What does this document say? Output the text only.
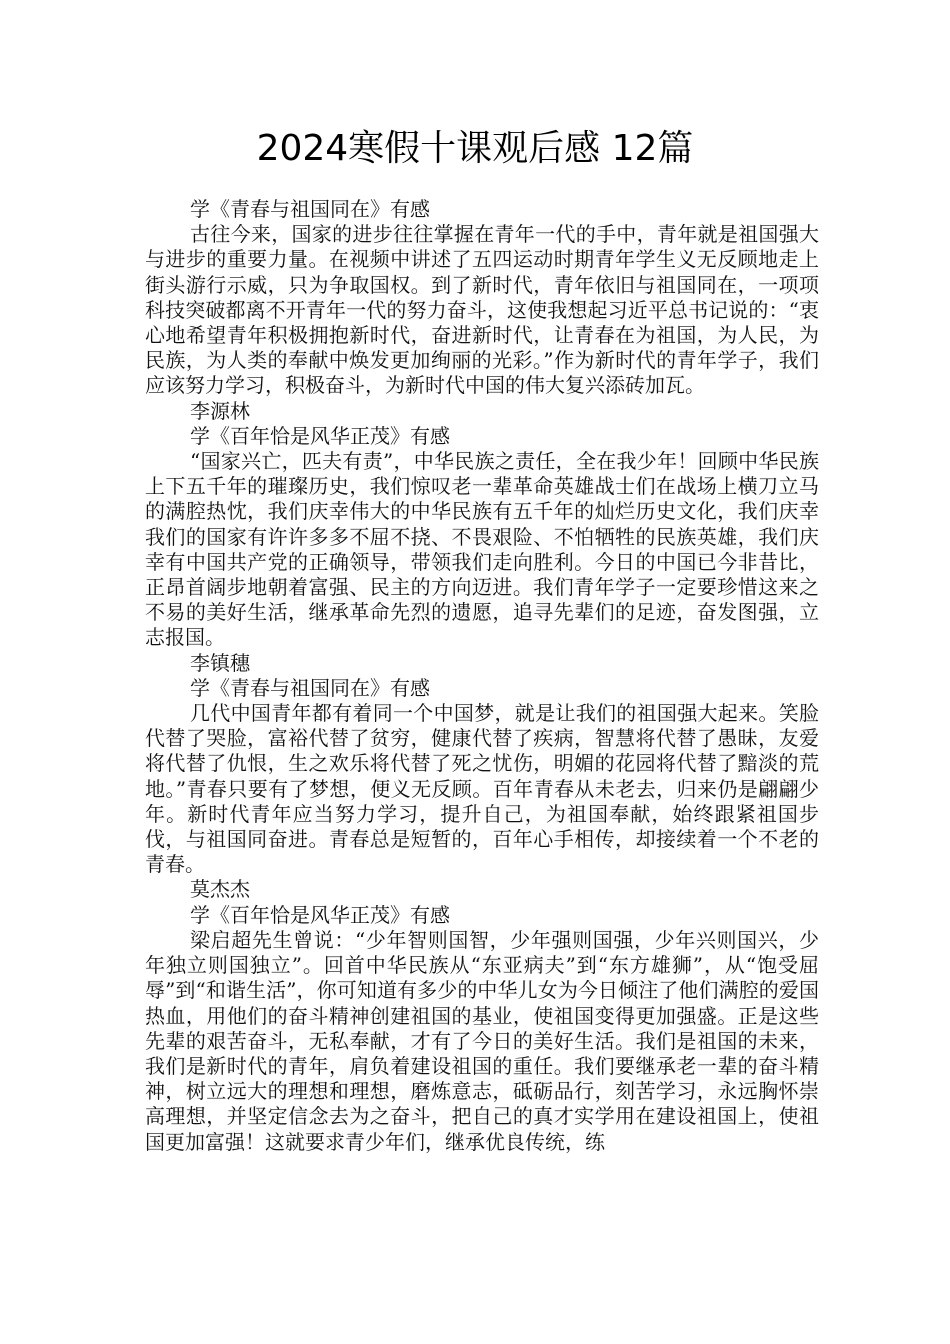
2024寒假十课观后感 12篇

学《青春与祖国同在》有感

古往今来，国家的进步往往掌握在青年一代的手中，青年就是祖国强大与进步的重要力量。在视频中讲述了五四运动时期青年学生义无反顾地走上街头游行示威，只为争取国权。到了新时代，青年依旧与祖国同在，一项项科技突破都离不开青年一代的努力奋斗，这使我想起习近平总书记说的：“衷心地希望青年积极拥抱新时代，奋进新时代，让青春在为祖国，为人民，为民族，为人类的奉献中焕发更加绚丽的光彩。”作为新时代的青年学子，我们应该努力学习，积极奋斗，为新时代中国的伟大复兴添砖加瓦。

李源林

学《百年恰是风华正茂》有感

“国家兴亡，匹夫有责”，中华民族之责任，全在我少年！回顾中华民族上下五千年的璀璨历史，我们惊叹老一辈革命英雄战士们在战场上横刀立马的满腔热忱，我们庆幸伟大的中华民族有五千年的灿烂历史文化，我们庆幸我们的国家有许许多多不屈不挠、不畏艰险、不怕牺牲的民族英雄，我们庆幸有中国共产党的正确领导，带领我们走向胜利。今日的中国已今非昔比，正昂首阔步地朝着富强、民主的方向迈进。我们青年学子一定要珍惜这来之不易的美好生活，继承革命先烈的遗愿，追寻先辈们的足迹，奋发图强，立志报国。

李镇穗

学《青春与祖国同在》有感

几代中国青年都有着同一个中国梦，就是让我们的祖国强大起来。笑脸代替了哭脸，富裕代替了贫穷，健康代替了疾病，智慧将代替了愚昧，友爱将代替了仇恨，生之欢乐将代替了死之忧伤，明媚的花园将代替了黯淡的荒地。”青春只要有了梦想，便义无反顾。百年青春从未老去，归来仍是翩翩少年。新时代青年应当努力学习，提升自己，为祖国奉献，始终跟紧祖国步伐，与祖国同奋进。青春总是短暂的，百年心手相传，却接续着一个不老的青春。

莫杰杰

学《百年恰是风华正茂》有感

梁启超先生曾说：“少年智则国智，少年强则国强，少年兴则国兴，少年独立则国独立”。回首中华民族从“东亚病夫”到“东方雄狮”，从“饱受屈辱”到“和谐生活”，你可知道有多少的中华儿女为今日倾注了他们满腔的爱国热血，用他们的奋斗精神创建祖国的基业，使祖国变得更加强盛。正是这些先辈的艰苦奋斗，无私奉献，才有了今日的美好生活。我们是祖国的未来，我们是新时代的青年，肩负着建设祖国的重任。我们要继承老一辈的奋斗精神，树立远大的理想和理想，磨炼意志，砥砺品行，刻苦学习，永远胸怀崇高理想，并坚定信念去为之奋斗，把自己的真才实学用在建设祖国上，使祖国更加富强！这就要求青少年们，继承优良传统，练
